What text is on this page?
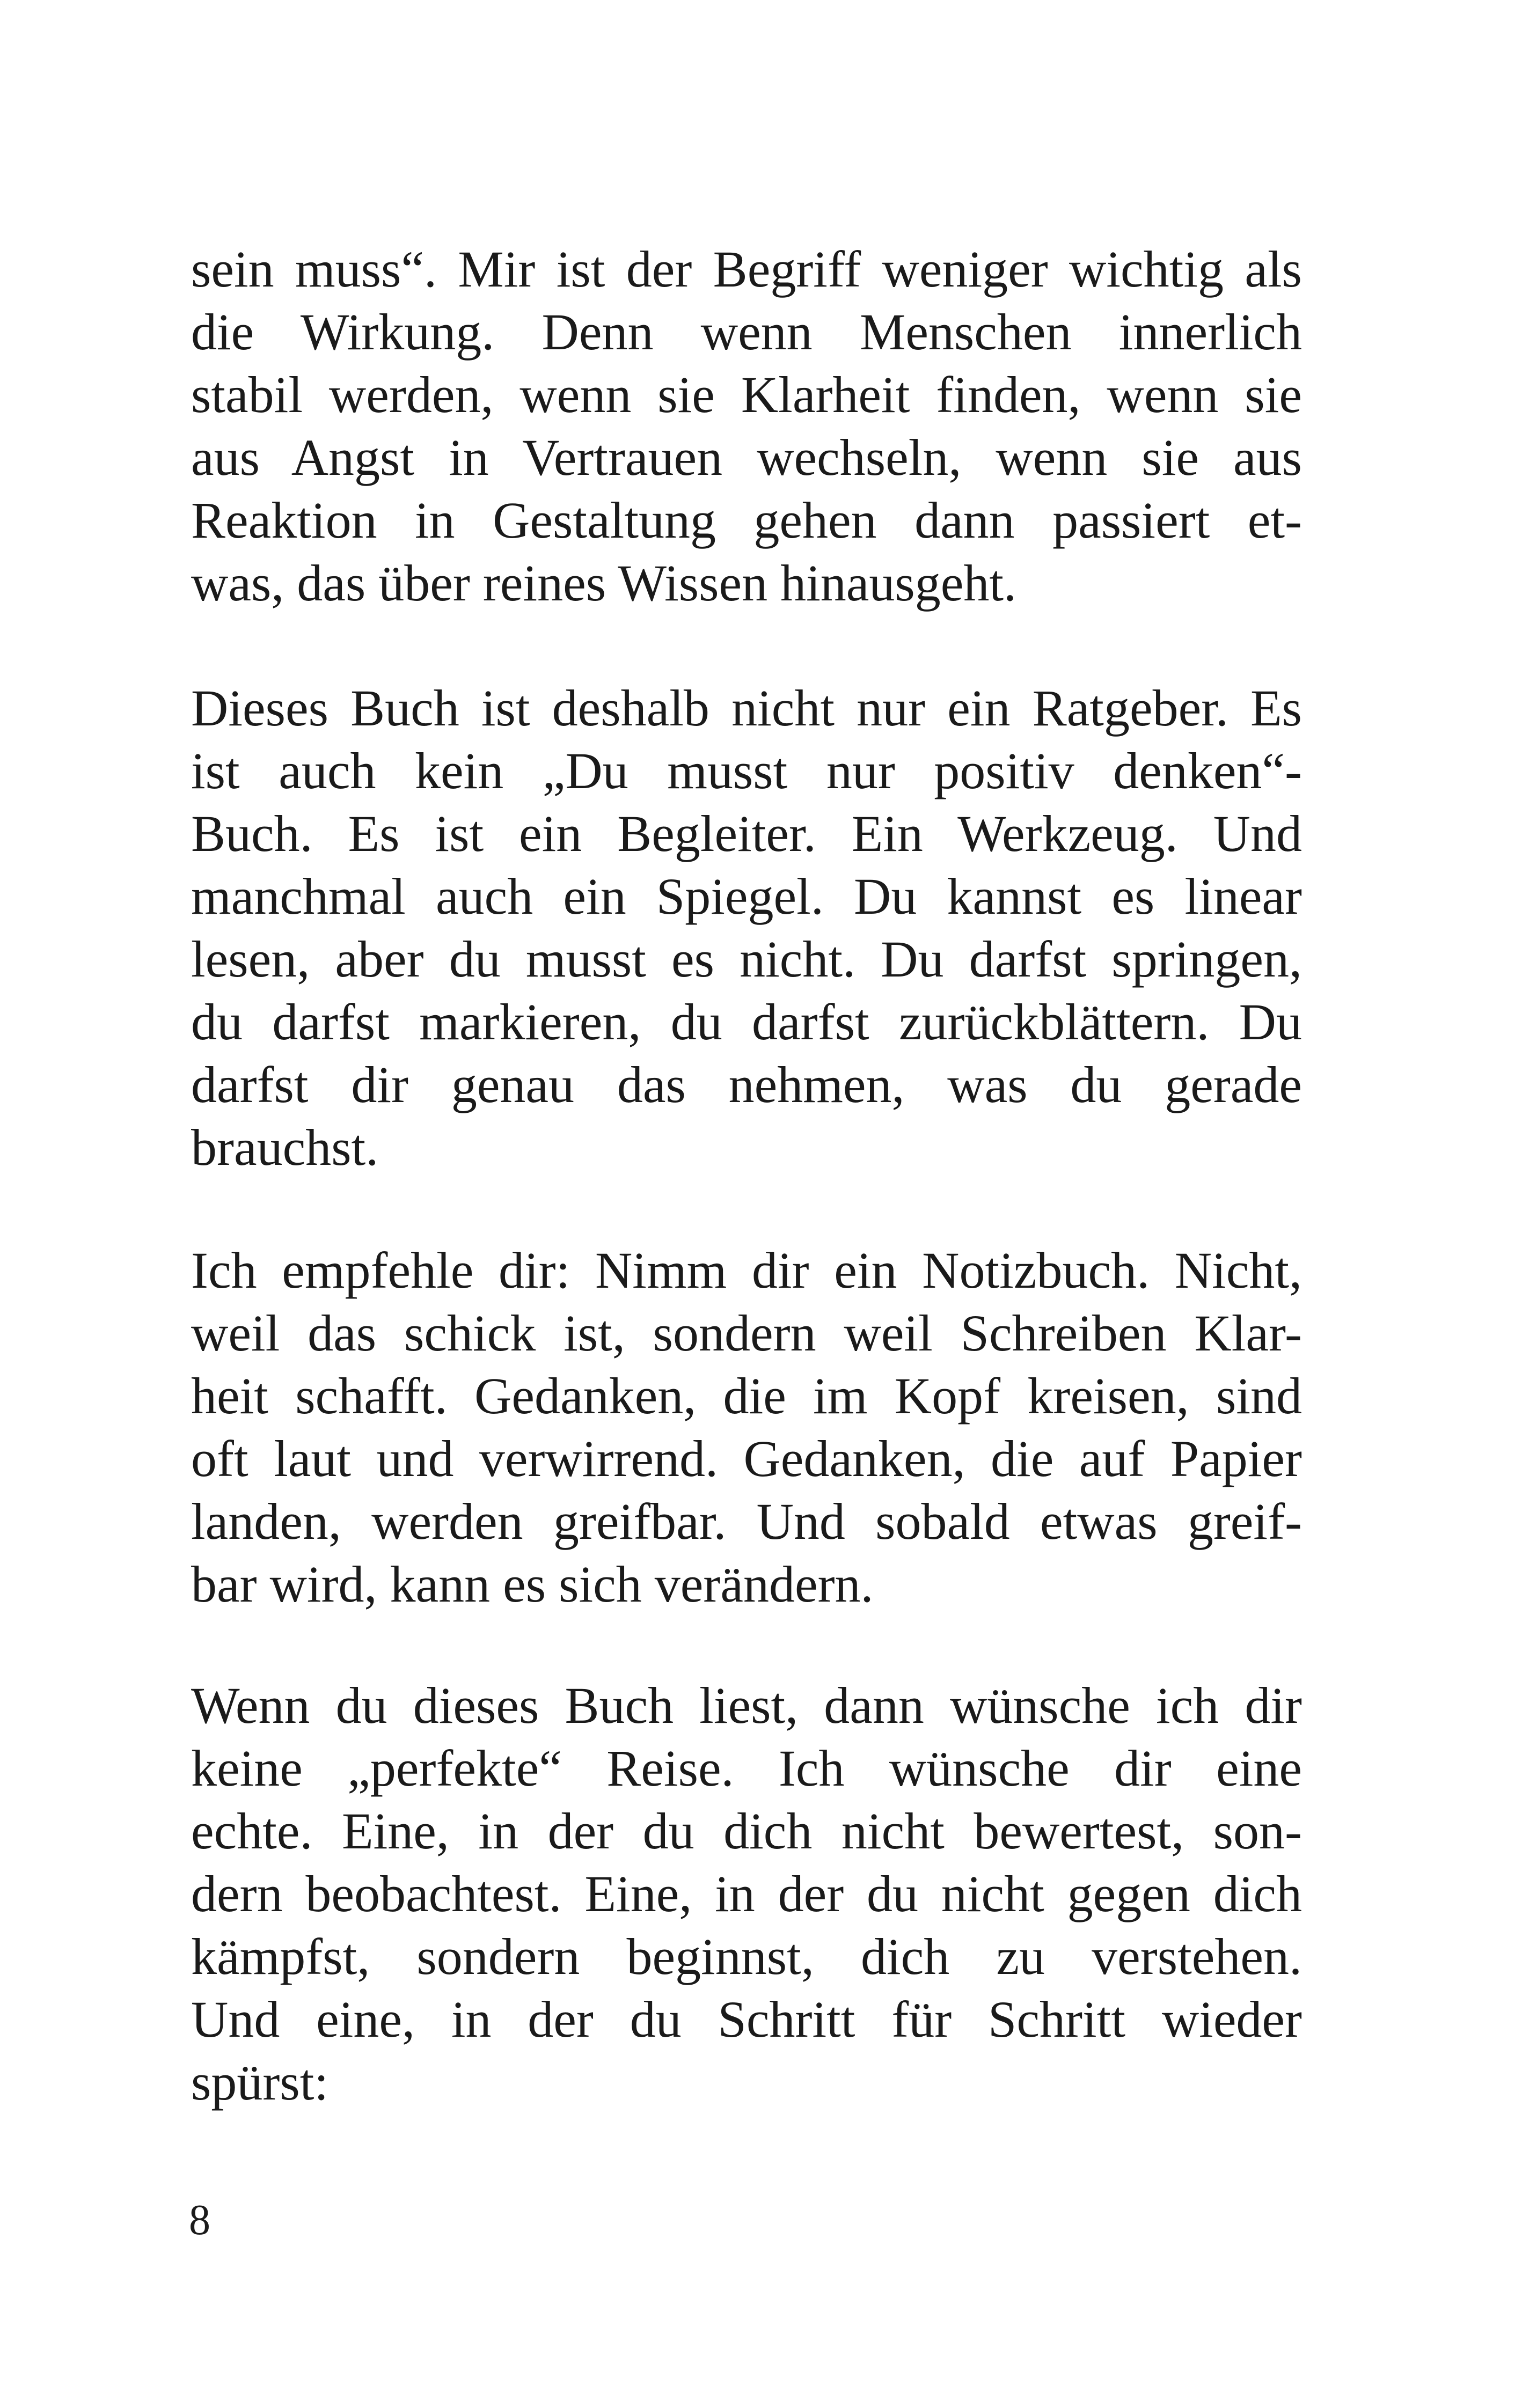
sein muss“. Mir ist der Begriff weniger wichtig als
die Wirkung. Denn wenn Menschen innerlich
stabil werden, wenn sie Klarheit finden, wenn sie
aus Angst in Vertrauen wechseln, wenn sie aus
Reaktion in Gestaltung gehen dann passiert et-
was, das über reines Wissen hinausgeht.
Dieses Buch ist deshalb nicht nur ein Ratgeber. Es
ist auch kein „Du musst nur positiv denken“-
Buch. Es ist ein Begleiter. Ein Werkzeug. Und
manchmal auch ein Spiegel. Du kannst es linear
lesen, aber du musst es nicht. Du darfst springen,
du darfst markieren, du darfst zurückblättern. Du
darfst dir genau das nehmen, was du gerade
brauchst.
Ich empfehle dir: Nimm dir ein Notizbuch. Nicht,
weil das schick ist, sondern weil Schreiben Klar-
heit schafft. Gedanken, die im Kopf kreisen, sind
oft laut und verwirrend. Gedanken, die auf Papier
landen, werden greifbar. Und sobald etwas greif-
bar wird, kann es sich verändern.
Wenn du dieses Buch liest, dann wünsche ich dir
keine „perfekte“ Reise. Ich wünsche dir eine
echte. Eine, in der du dich nicht bewertest, son-
dern beobachtest. Eine, in der du nicht gegen dich
kämpfst, sondern beginnst, dich zu verstehen.
Und eine, in der du Schritt für Schritt wieder
spürst:
8
